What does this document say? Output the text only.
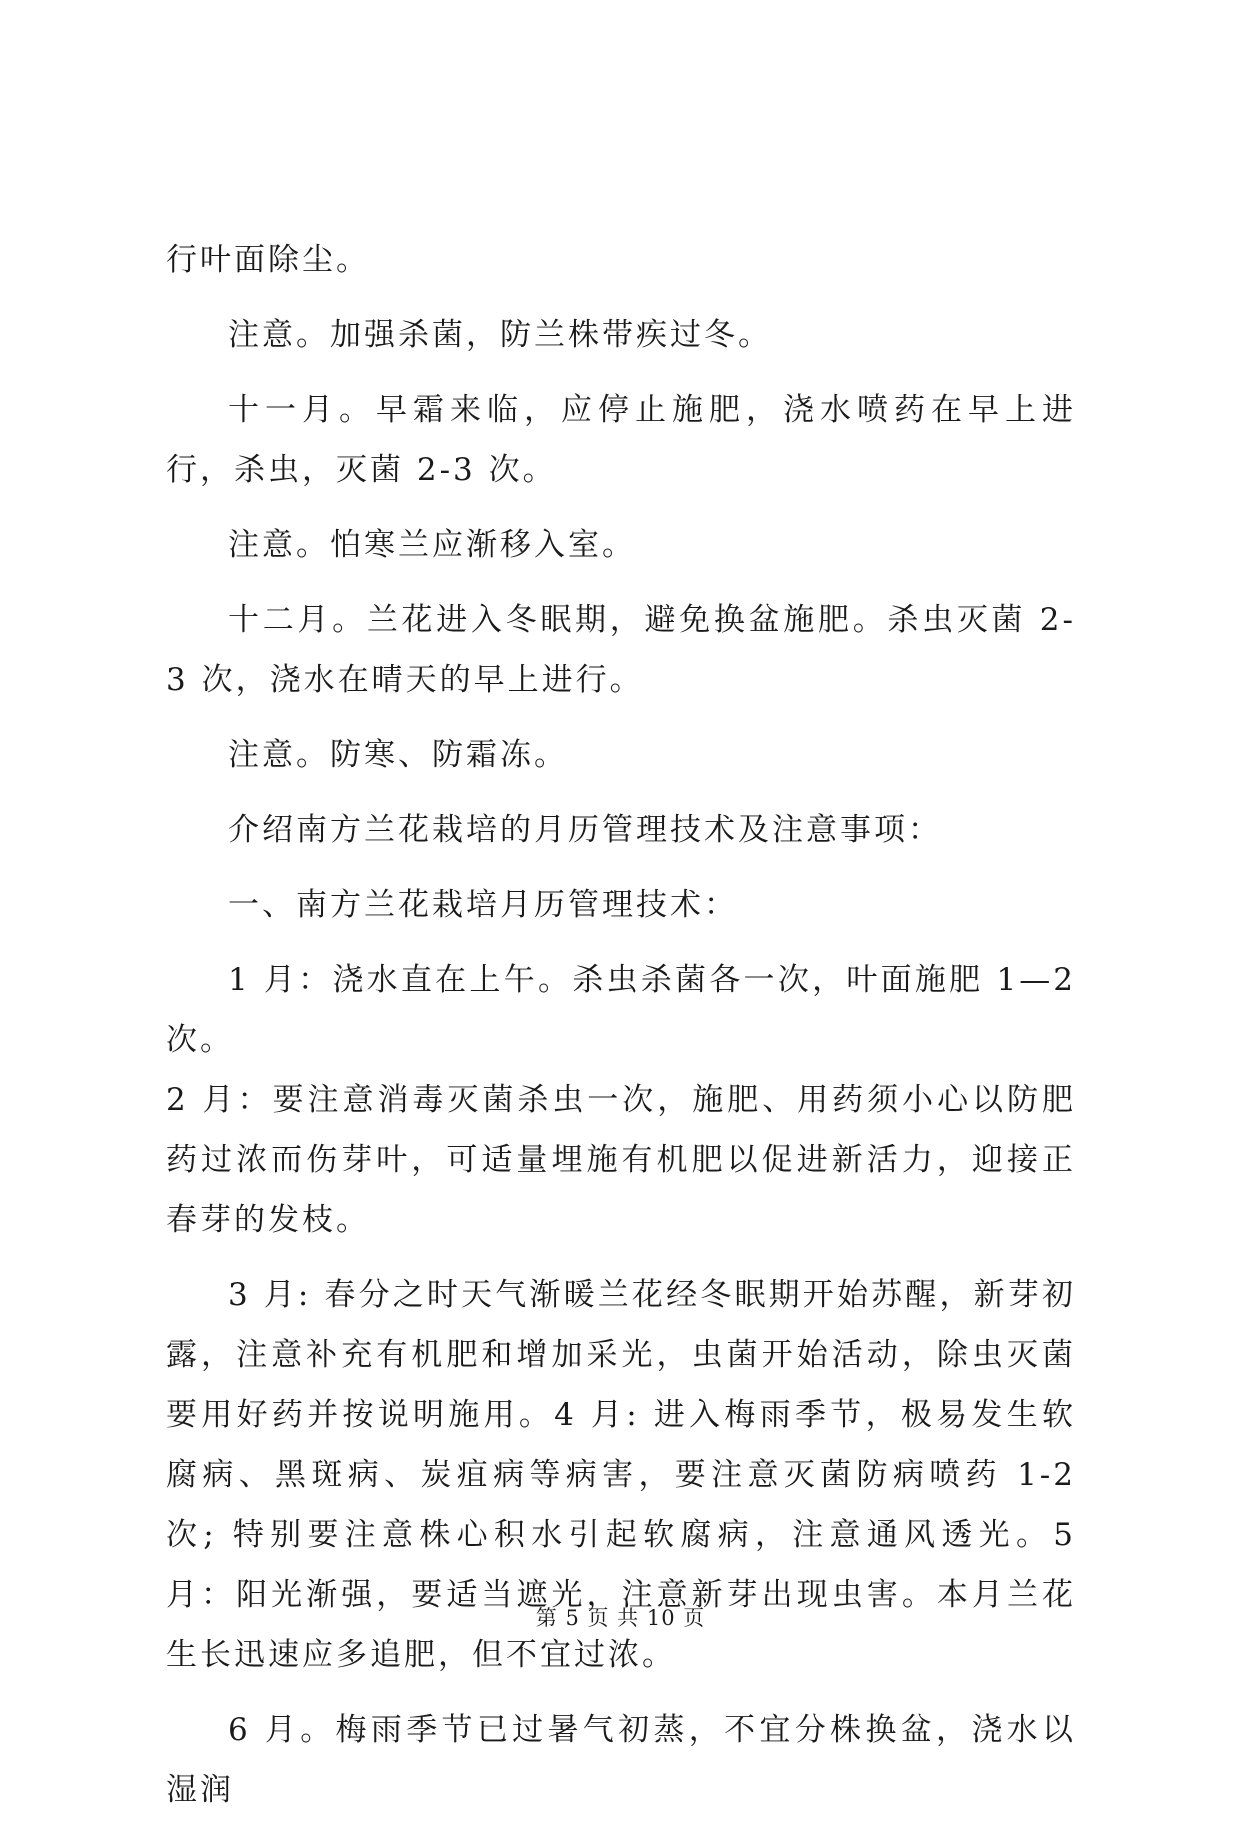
行叶面除尘。

注意。加强杀菌，防兰株带疾过冬。

十一月。早霜来临，应停止施肥，浇水喷药在早上进行，杀虫，灭菌 2-3 次。

注意。怕寒兰应渐移入室。

十二月。兰花进入冬眠期，避免换盆施肥。杀虫灭菌 2-3 次，浇水在晴天的早上进行。

注意。防寒、防霜冻。

介绍南方兰花栽培的月历管理技术及注意事项：

一、南方兰花栽培月历管理技术：

1 月：浇水直在上午。杀虫杀菌各一次，叶面施肥 1—2 次。

2 月：要注意消毒灭菌杀虫一次，施肥、用药须小心以防肥药过浓而伤芽叶，可适量埋施有机肥以促进新活力，迎接正春芽的发枝。

3 月: 春分之时天气渐暖兰花经冬眠期开始苏醒，新芽初露，注意补充有机肥和增加采光，虫菌开始活动，除虫灭菌要用好药并按说明施用。4 月: 进入梅雨季节，极易发生软腐病、黑斑病、炭疽病等病害，要注意灭菌防病喷药 1-2 次; 特别要注意株心积水引起软腐病，注意通风透光。5 月：阳光渐强，要适当遮光，注意新芽出现虫害。本月兰花生长迅速应多追肥，但不宜过浓。

6 月。梅雨季节已过暑气初蒸，不宜分株换盆，浇水以湿润

第 5 页 共 10 页
